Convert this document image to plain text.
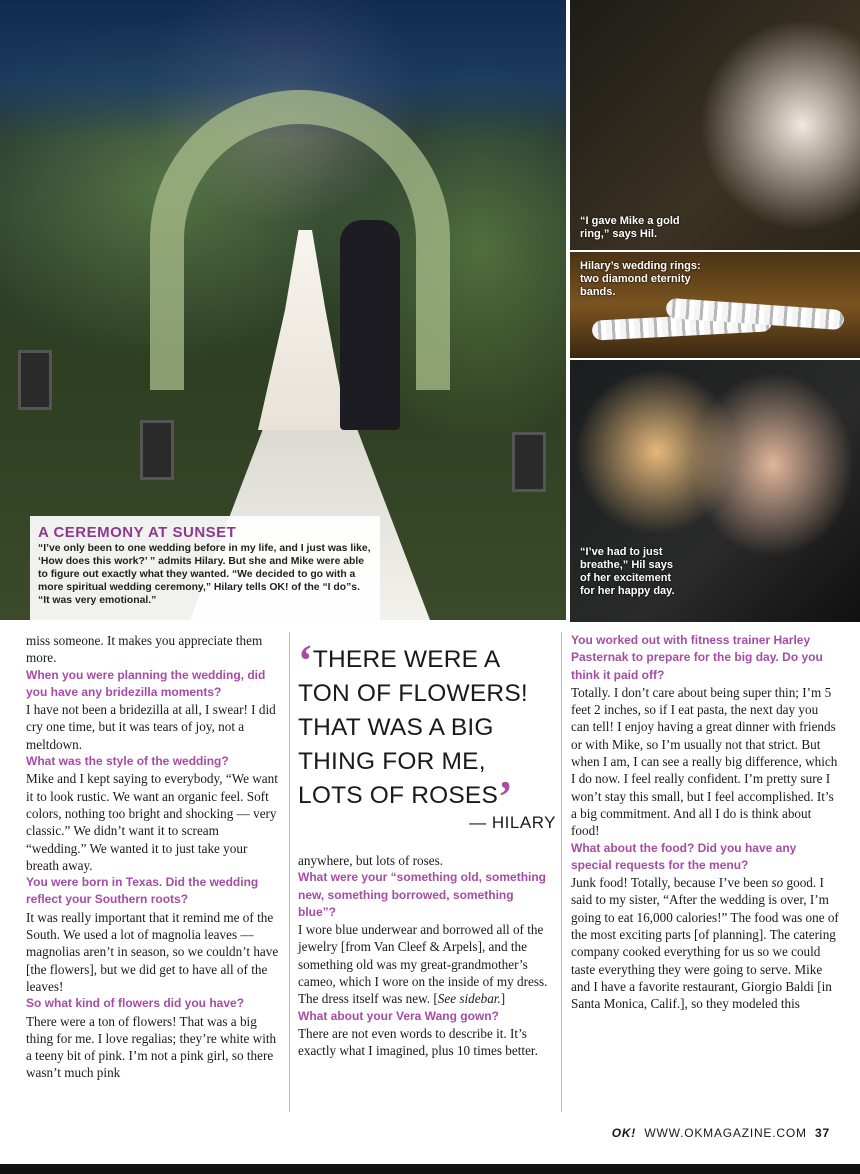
A CEREMONY AT SUNSET
“I’ve only been to one wedding before in my life, and I just was like, ‘How does this work?’ ” admits Hilary. But she and Mike were able to figure out exactly what they wanted. “We decided to go with a more spiritual wedding ceremony,” Hilary tells OK! of the “I do”s. “It was very emotional.”
“I gave Mike a gold ring,” says Hil.
Hilary’s wedding rings: two diamond eternity bands.
“I’ve had to just breathe,” Hil says of her excitement for her happy day.

miss someone. It makes you appreciate them more.

When you were planning the wedding, did you have any bridezilla moments?

I have not been a bridezilla at all, I swear! I did cry one time, but it was tears of joy, not a meltdown.

What was the style of the wedding?

Mike and I kept saying to everybody, “We want it to look rustic. We want an organic feel. Soft colors, nothing too bright and shocking — very classic.” We didn’t want it to scream “wedding.” We wanted it to just take your breath away.

You were born in Texas. Did the wedding reflect your Southern roots?

It was really important that it remind me of the South. We used a lot of magnolia leaves — magnolias aren’t in season, so we couldn’t have [the flowers], but we did get to have all of the leaves!

So what kind of flowers did you have?

There were a ton of flowers! That was a big thing for me. I love regalias; they’re white with a teeny bit of pink. I’m not a pink girl, so there wasn’t much pink

‘THERE WERE A TON OF FLOWERS! THAT WAS A BIG THING FOR ME, LOTS OF ROSES’
— HILARY

anywhere, but lots of roses.

What were your “something old, something new, something borrowed, something blue”?

I wore blue underwear and borrowed all of the jewelry [from Van Cleef & Arpels], and the something old was my great-grandmother’s cameo, which I wore on the inside of my dress. The dress itself was new. [See sidebar.]

What about your Vera Wang gown?

There are not even words to describe it. It’s exactly what I imagined, plus 10 times better.

You worked out with fitness trainer Harley Pasternak to prepare for the big day. Do you think it paid off?

Totally. I don’t care about being super thin; I’m 5 feet 2 inches, so if I eat pasta, the next day you can tell! I enjoy having a great dinner with friends or with Mike, so I’m usually not that strict. But when I am, I can see a really big difference, which I do now. I feel really confident. I’m pretty sure I won’t stay this small, but I feel accomplished. It’s a big commitment. And all I do is think about food!

What about the food? Did you have any special requests for the menu?

Junk food! Totally, because I’ve been so good. I said to my sister, “After the wedding is over, I’m going to eat 16,000 calories!” The food was one of the most exciting parts [of planning]. The catering company cooked everything for us so we could taste everything they were going to serve. Mike and I have a favorite restaurant, Giorgio Baldi [in Santa Monica, Calif.], so they modeled this

OK! WWW.OKMAGAZINE.COM 37
